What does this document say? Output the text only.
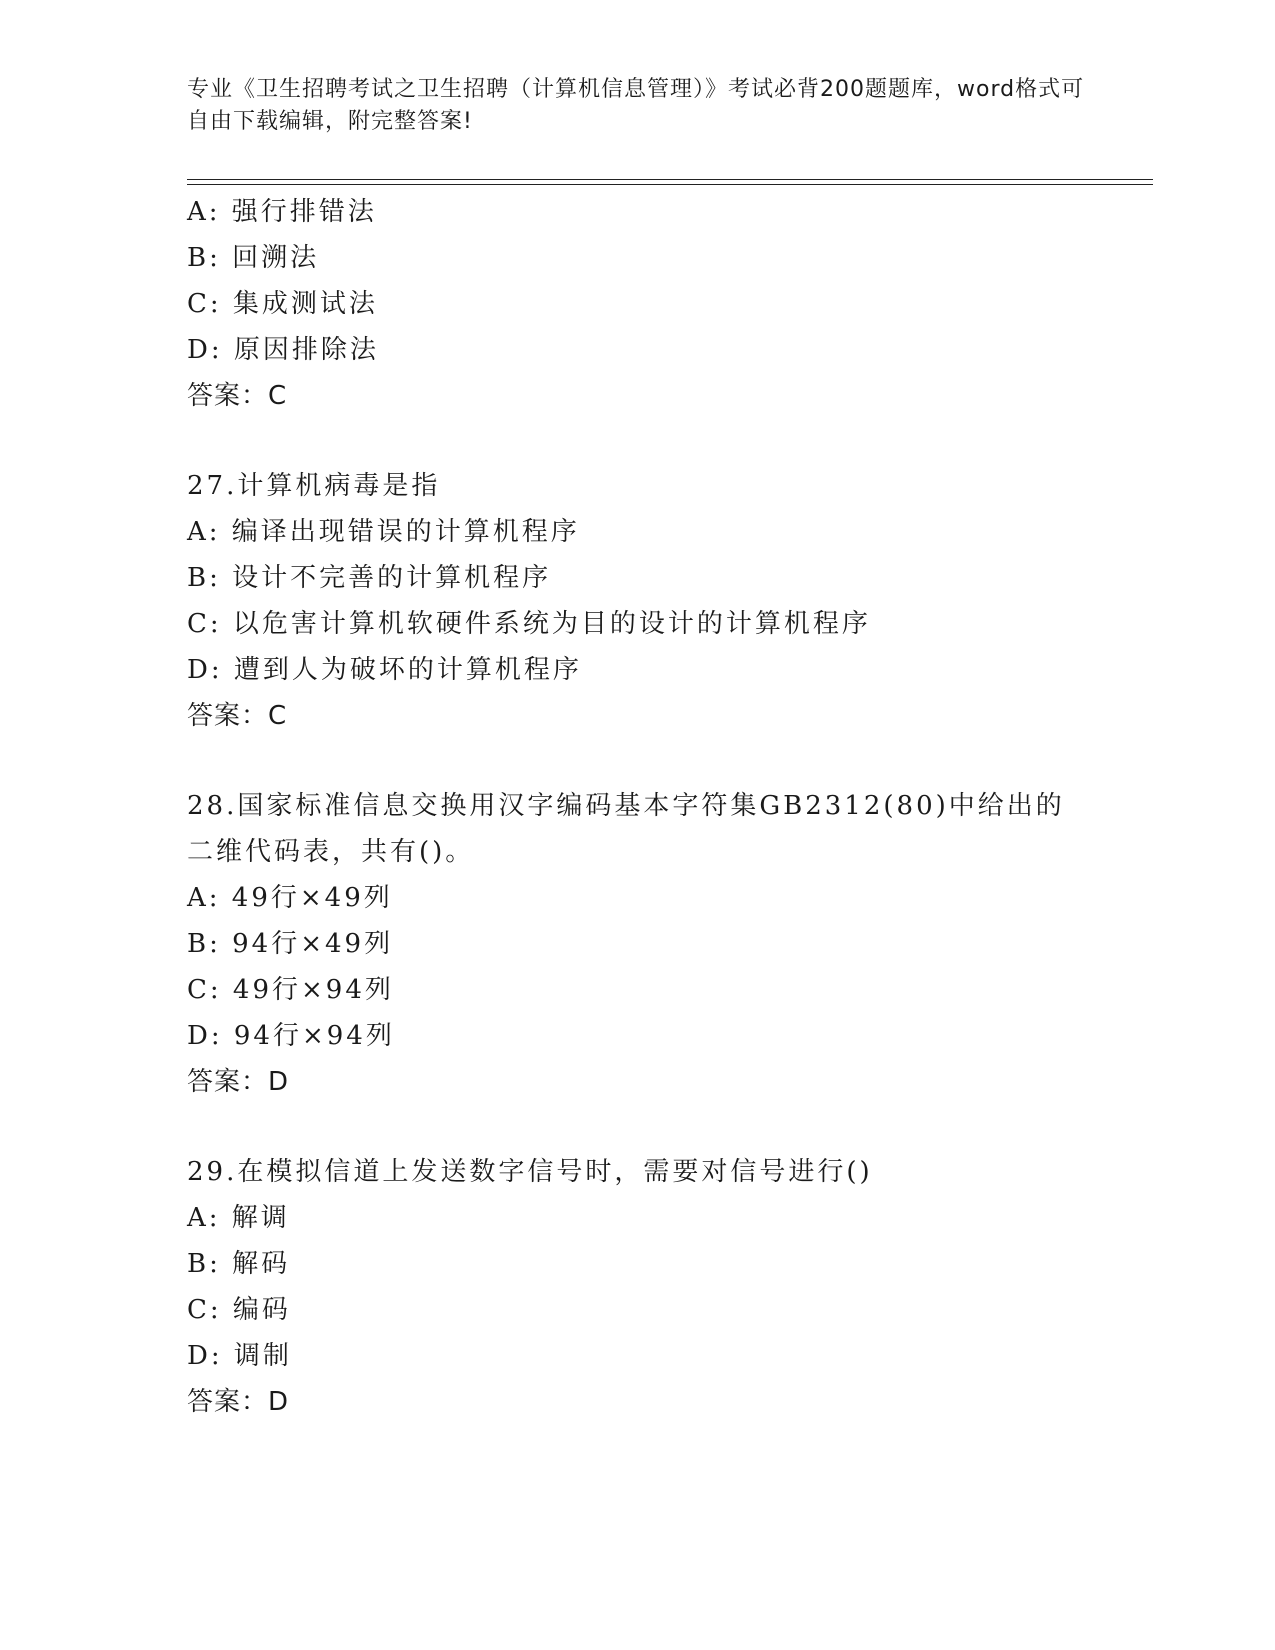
专业《卫生招聘考试之卫生招聘（计算机信息管理）》考试必背200题题库，word格式可自由下载编辑，附完整答案!
A: 强行排错法
B: 回溯法
C: 集成测试法
D: 原因排除法
答案：C
27.计算机病毒是指
A: 编译出现错误的计算机程序
B: 设计不完善的计算机程序
C: 以危害计算机软硬件系统为目的设计的计算机程序
D: 遭到人为破坏的计算机程序
答案：C
28.国家标准信息交换用汉字编码基本字符集GB2312(80)中给出的二维代码表，共有()。
A: 49行×49列
B: 94行×49列
C: 49行×94列
D: 94行×94列
答案：D
29.在模拟信道上发送数字信号时，需要对信号进行()
A: 解调
B: 解码
C: 编码
D: 调制
答案：D
